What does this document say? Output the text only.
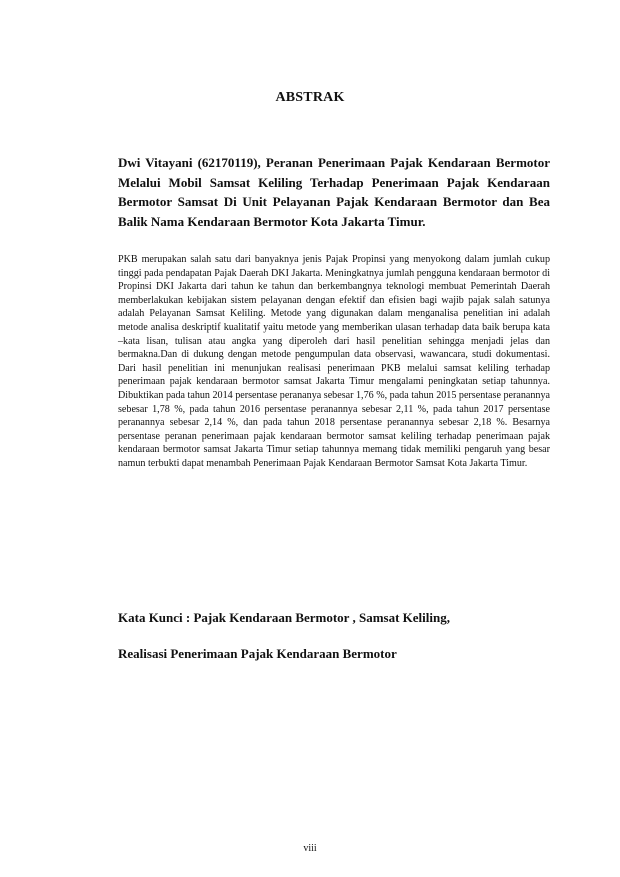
ABSTRAK

Dwi Vitayani (62170119), Peranan Penerimaan Pajak Kendaraan Bermotor Melalui Mobil Samsat Keliling Terhadap Penerimaan Pajak Kendaraan Bermotor Samsat Di Unit Pelayanan Pajak Kendaraan Bermotor dan Bea Balik Nama Kendaraan Bermotor Kota Jakarta Timur.

PKB merupakan salah satu dari banyaknya jenis Pajak Propinsi yang menyokong dalam jumlah cukup tinggi pada pendapatan Pajak Daerah DKI Jakarta. Meningkatnya jumlah pengguna kendaraan bermotor di Propinsi DKI Jakarta dari tahun ke tahun dan berkembangnya teknologi membuat Pemerintah Daerah memberlakukan kebijakan sistem pelayanan dengan efektif dan efisien bagi wajib pajak salah satunya adalah Pelayanan Samsat Keliling. Metode yang digunakan dalam menganalisa penelitian ini adalah metode analisa deskriptif kualitatif yaitu metode yang memberikan ulasan terhadap data baik berupa kata –kata lisan, tulisan atau angka yang diperoleh dari hasil penelitian sehingga menjadi jelas dan bermakna.Dan di dukung dengan metode pengumpulan data observasi, wawancara, studi dokumentasi. Dari hasil penelitian ini menunjukan realisasi penerimaan PKB melalui samsat keliling terhadap penerimaan pajak kendaraan bermotor samsat Jakarta Timur mengalami peningkatan setiap tahunnya. Dibuktikan pada tahun 2014 persentase perananya sebesar 1,76 %, pada tahun 2015 persentase peranannya sebesar 1,78 %, pada tahun 2016 persentase peranannya sebesar 2,11 %, pada tahun 2017 persentase peranannya sebesar 2,14 %, dan pada tahun 2018 persentase peranannya sebesar 2,18 %. Besarnya persentase peranan penerimaan pajak kendaraan bermotor samsat keliling terhadap penerimaan pajak kendaraan bermotor samsat Jakarta Timur setiap tahunnya memang tidak memiliki pengaruh yang besar namun terbukti dapat menambah Penerimaan Pajak Kendaraan Bermotor Samsat Kota Jakarta Timur.

Kata Kunci : Pajak Kendaraan Bermotor , Samsat Keliling,

Realisasi Penerimaan Pajak Kendaraan Bermotor

viii
